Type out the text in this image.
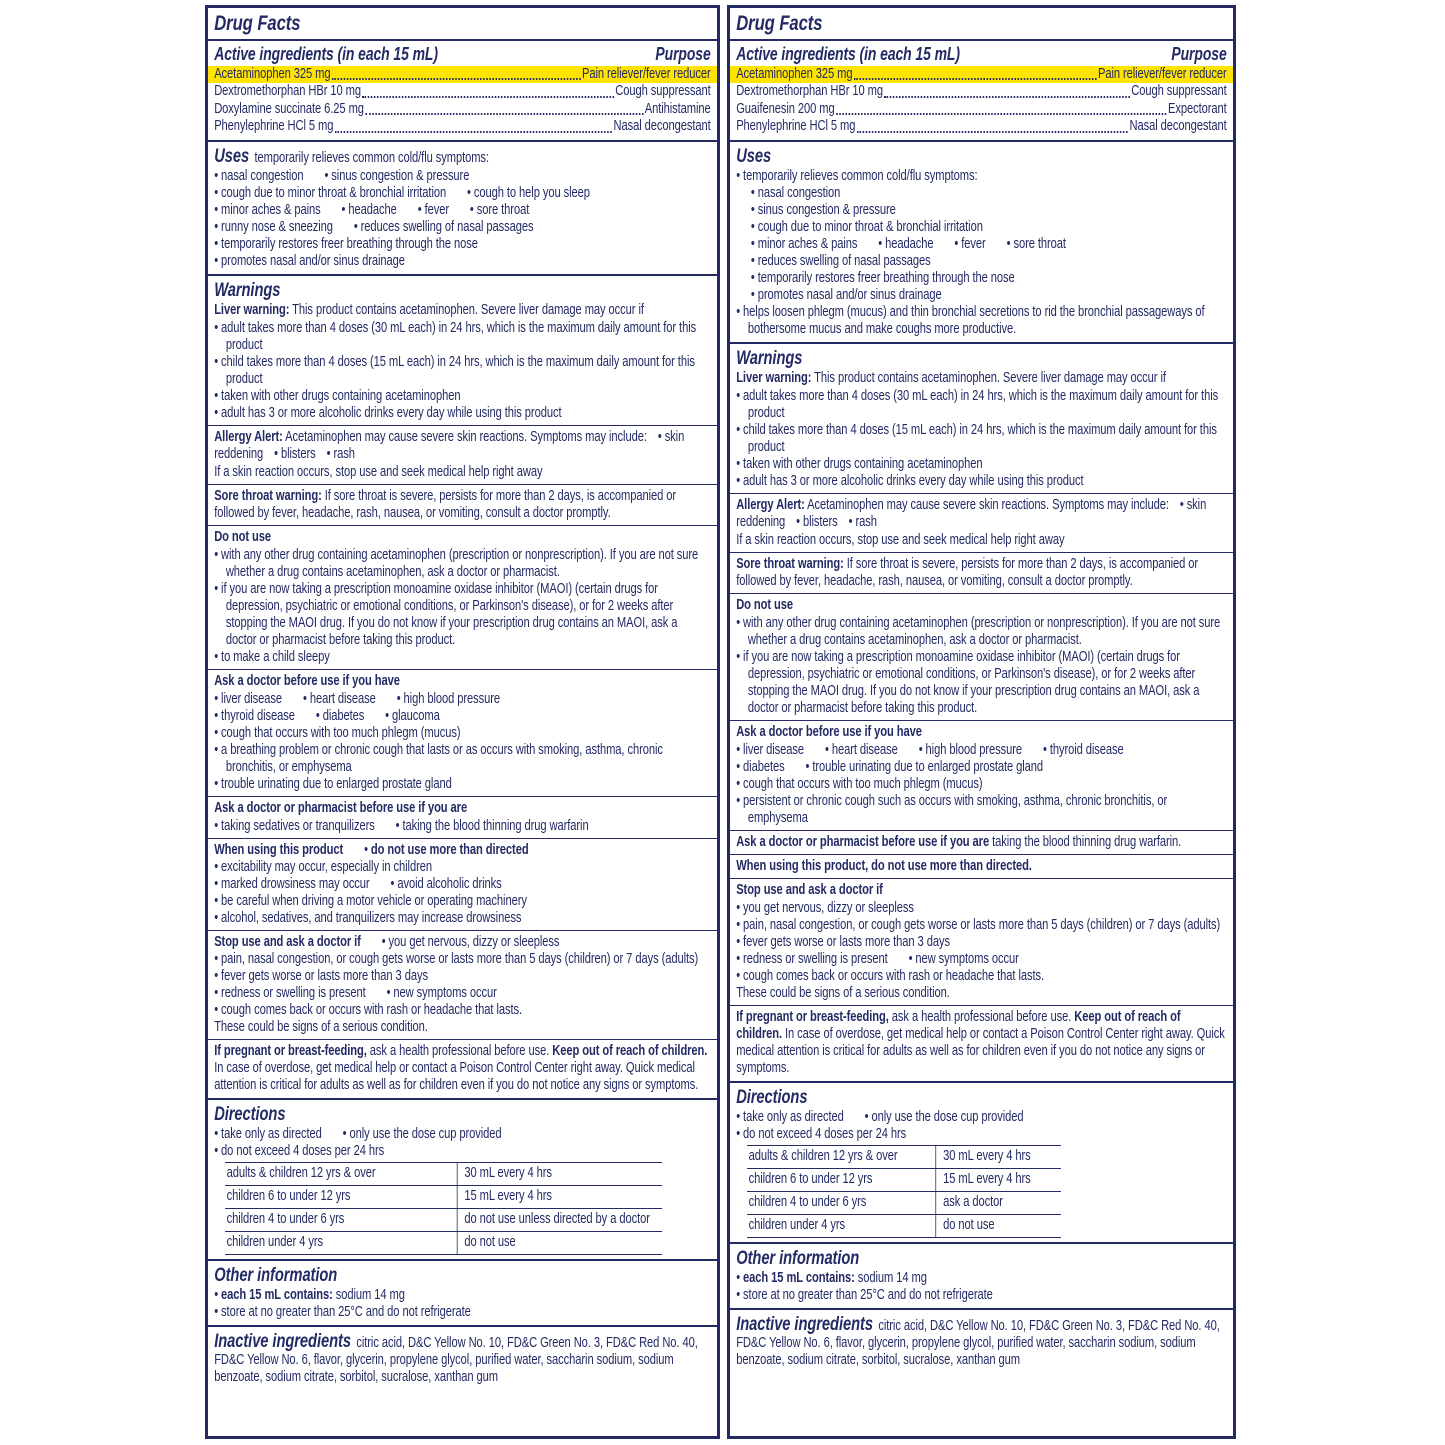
Drug Facts
Active ingredients (in each 15 mL)	Purpose
Acetaminophen 325 mg	Pain reliever/fever reducer
Dextromethorphan HBr 10 mg	Cough suppressant
Doxylamine succinate 6.25 mg	Antihistamine
Phenylephrine HCl 5 mg	Nasal decongestant
Uses temporarily relieves common cold/flu symptoms:
• nasal congestion • sinus congestion & pressure
• cough due to minor throat & bronchial irritation • cough to help you sleep
• minor aches & pains • headache • fever • sore throat
• runny nose & sneezing • reduces swelling of nasal passages
• temporarily restores freer breathing through the nose
• promotes nasal and/or sinus drainage
Warnings
Liver warning: This product contains acetaminophen. Severe liver damage may occur if
• adult takes more than 4 doses (30 mL each) in 24 hrs, which is the maximum daily amount for this product
• child takes more than 4 doses (15 mL each) in 24 hrs, which is the maximum daily amount for this product
• taken with other drugs containing acetaminophen
• adult has 3 or more alcoholic drinks every day while using this product
Allergy Alert: Acetaminophen may cause severe skin reactions. Symptoms may include:  • skin reddening  • blisters  • rash
If a skin reaction occurs, stop use and seek medical help right away
Sore throat warning: If sore throat is severe, persists for more than 2 days, is accompanied or followed by fever, headache, rash, nausea, or vomiting, consult a doctor promptly.
Do not use
• with any other drug containing acetaminophen (prescription or nonprescription). If you are not sure whether a drug contains acetaminophen, ask a doctor or pharmacist.
• if you are now taking a prescription monoamine oxidase inhibitor (MAOI) (certain drugs for depression, psychiatric or emotional conditions, or Parkinson's disease), or for 2 weeks after stopping the MAOI drug. If you do not know if your prescription drug contains an MAOI, ask a doctor or pharmacist before taking this product.
• to make a child sleepy
Ask a doctor before use if you have
• liver disease • heart disease • high blood pressure
• thyroid disease • diabetes • glaucoma
• cough that occurs with too much phlegm (mucus)
• a breathing problem or chronic cough that lasts or as occurs with smoking, asthma, chronic bronchitis, or emphysema
• trouble urinating due to enlarged prostate gland
Ask a doctor or pharmacist before use if you are
• taking sedatives or tranquilizers • taking the blood thinning drug warfarin
When using this product • do not use more than directed
• excitability may occur, especially in children
• marked drowsiness may occur • avoid alcoholic drinks
• be careful when driving a motor vehicle or operating machinery
• alcohol, sedatives, and tranquilizers may increase drowsiness
Stop use and ask a doctor if • you get nervous, dizzy or sleepless
• pain, nasal congestion, or cough gets worse or lasts more than 5 days (children) or 7 days (adults)
• fever gets worse or lasts more than 3 days
• redness or swelling is present • new symptoms occur
• cough comes back or occurs with rash or headache that lasts.
These could be signs of a serious condition.
If pregnant or breast-feeding, ask a health professional before use. Keep out of reach of children. In case of overdose, get medical help or contact a Poison Control Center right away. Quick medical attention is critical for adults as well as for children even if you do not notice any signs or symptoms.
Directions
• take only as directed • only use the dose cup provided
• do not exceed 4 doses per 24 hrs
adults & children 12 yrs & over	30 mL every 4 hrs
children 6 to under 12 yrs	15 mL every 4 hrs
children 4 to under 6 yrs	do not use unless directed by a doctor
children under 4 yrs	do not use
Other information
• each 15 mL contains: sodium 14 mg
• store at no greater than 25°C and do not refrigerate
Inactive ingredients citric acid, D&C Yellow No. 10, FD&C Green No. 3, FD&C Red No. 40, FD&C Yellow No. 6, flavor, glycerin, propylene glycol, purified water, saccharin sodium, sodium benzoate, sodium citrate, sorbitol, sucralose, xanthan gum
Drug Facts
Active ingredients (in each 15 mL)	Purpose
Acetaminophen 325 mg	Pain reliever/fever reducer
Dextromethorphan HBr 10 mg	Cough suppressant
Guaifenesin 200 mg	Expectorant
Phenylephrine HCl 5 mg	Nasal decongestant
Uses
• temporarily relieves common cold/flu symptoms:
• nasal congestion
• sinus congestion & pressure
• cough due to minor throat & bronchial irritation
• minor aches & pains • headache • fever • sore throat
• reduces swelling of nasal passages
• temporarily restores freer breathing through the nose
• promotes nasal and/or sinus drainage
• helps loosen phlegm (mucus) and thin bronchial secretions to rid the bronchial passageways of bothersome mucus and make coughs more productive.
Warnings
Liver warning: This product contains acetaminophen. Severe liver damage may occur if
• adult takes more than 4 doses (30 mL each) in 24 hrs, which is the maximum daily amount for this product
• child takes more than 4 doses (15 mL each) in 24 hrs, which is the maximum daily amount for this product
• taken with other drugs containing acetaminophen
• adult has 3 or more alcoholic drinks every day while using this product
Allergy Alert: Acetaminophen may cause severe skin reactions. Symptoms may include:  • skin reddening  • blisters  • rash
If a skin reaction occurs, stop use and seek medical help right away
Sore throat warning: If sore throat is severe, persists for more than 2 days, is accompanied or followed by fever, headache, rash, nausea, or vomiting, consult a doctor promptly.
Do not use
• with any other drug containing acetaminophen (prescription or nonprescription). If you are not sure whether a drug contains acetaminophen, ask a doctor or pharmacist.
• if you are now taking a prescription monoamine oxidase inhibitor (MAOI) (certain drugs for depression, psychiatric or emotional conditions, or Parkinson's disease), or for 2 weeks after stopping the MAOI drug. If you do not know if your prescription drug contains an MAOI, ask a doctor or pharmacist before taking this product.
Ask a doctor before use if you have
• liver disease • heart disease • high blood pressure • thyroid disease
• diabetes • trouble urinating due to enlarged prostate gland
• cough that occurs with too much phlegm (mucus)
• persistent or chronic cough such as occurs with smoking, asthma, chronic bronchitis, or emphysema
Ask a doctor or pharmacist before use if you are taking the blood thinning drug warfarin.
When using this product, do not use more than directed.
Stop use and ask a doctor if
• you get nervous, dizzy or sleepless
• pain, nasal congestion, or cough gets worse or lasts more than 5 days (children) or 7 days (adults)
• fever gets worse or lasts more than 3 days
• redness or swelling is present • new symptoms occur
• cough comes back or occurs with rash or headache that lasts.
These could be signs of a serious condition.
If pregnant or breast-feeding, ask a health professional before use. Keep out of reach of children. In case of overdose, get medical help or contact a Poison Control Center right away. Quick medical attention is critical for adults as well as for children even if you do not notice any signs or symptoms.
Directions
• take only as directed • only use the dose cup provided
• do not exceed 4 doses per 24 hrs
adults & children 12 yrs & over	30 mL every 4 hrs
children 6 to under 12 yrs	15 mL every 4 hrs
children 4 to under 6 yrs	ask a doctor
children under 4 yrs	do not use
Other information
• each 15 mL contains: sodium 14 mg
• store at no greater than 25°C and do not refrigerate
Inactive ingredients citric acid, D&C Yellow No. 10, FD&C Green No. 3, FD&C Red No. 40, FD&C Yellow No. 6, flavor, glycerin, propylene glycol, purified water, saccharin sodium, sodium benzoate, sodium citrate, sorbitol, sucralose, xanthan gum
